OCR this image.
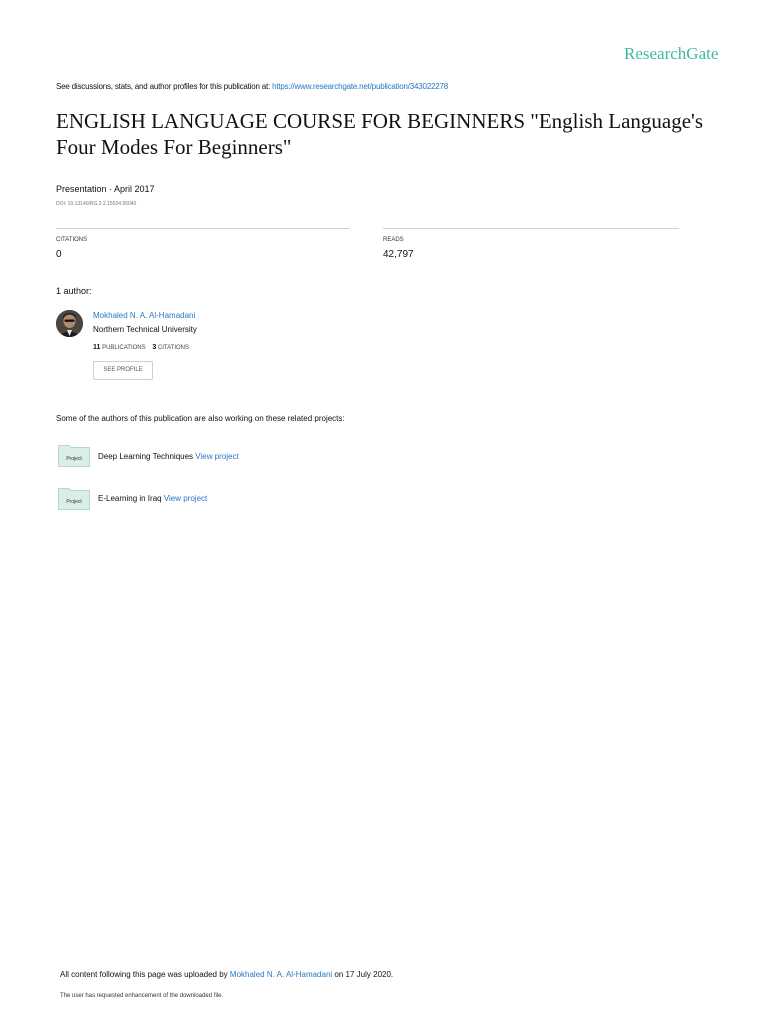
ResearchGate
See discussions, stats, and author profiles for this publication at: https://www.researchgate.net/publication/343022278
ENGLISH LANGUAGE COURSE FOR BEGINNERS "English Language's Four Modes For Beginners"
Presentation · April 2017
DOI: 10.13140/RG.2.2.15534.95040
CITATIONS
0
READS
42,797
1 author:
Mokhaled N. A. Al-Hamadani
Northern Technical University
11 PUBLICATIONS 3 CITATIONS
SEE PROFILE
Some of the authors of this publication are also working on these related projects:
Project Deep Learning Techniques View project
Project E-Learning in Iraq View project
All content following this page was uploaded by Mokhaled N. A. Al-Hamadani on 17 July 2020.
The user has requested enhancement of the downloaded file.
